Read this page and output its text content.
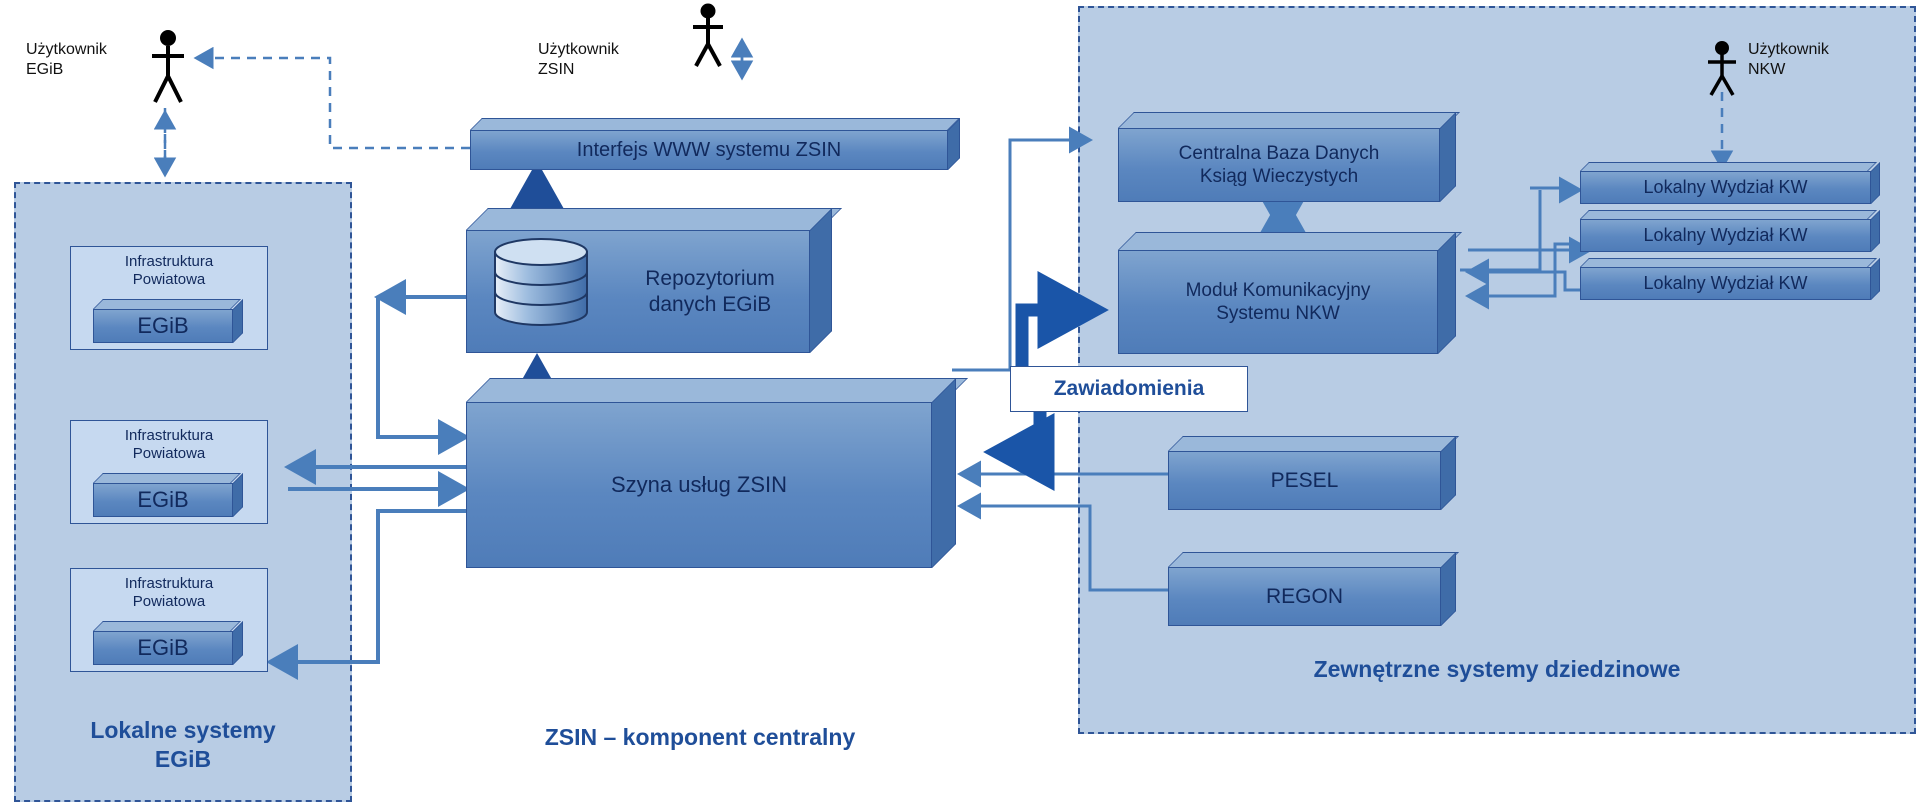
Użytkownik
EGiB
Użytkownik
ZSIN
Użytkownik
NKW
Interfejs WWW systemu ZSIN
Repozytorium
danych EGiB
Szyna usług ZSIN
Infrastruktura
Powiatowa
EGiB
Infrastruktura
Powiatowa
EGiB
Infrastruktura
Powiatowa
EGiB
Centralna Baza Danych
Ksiąg Wieczystych
Moduł Komunikacyjny
Systemu NKW
Lokalny Wydział KW
Lokalny Wydział KW
Lokalny Wydział KW
PESEL
REGON
Zawiadomienia
Lokalne systemy
EGiB
ZSIN – komponent centralny
Zewnętrzne systemy dziedzinowe
